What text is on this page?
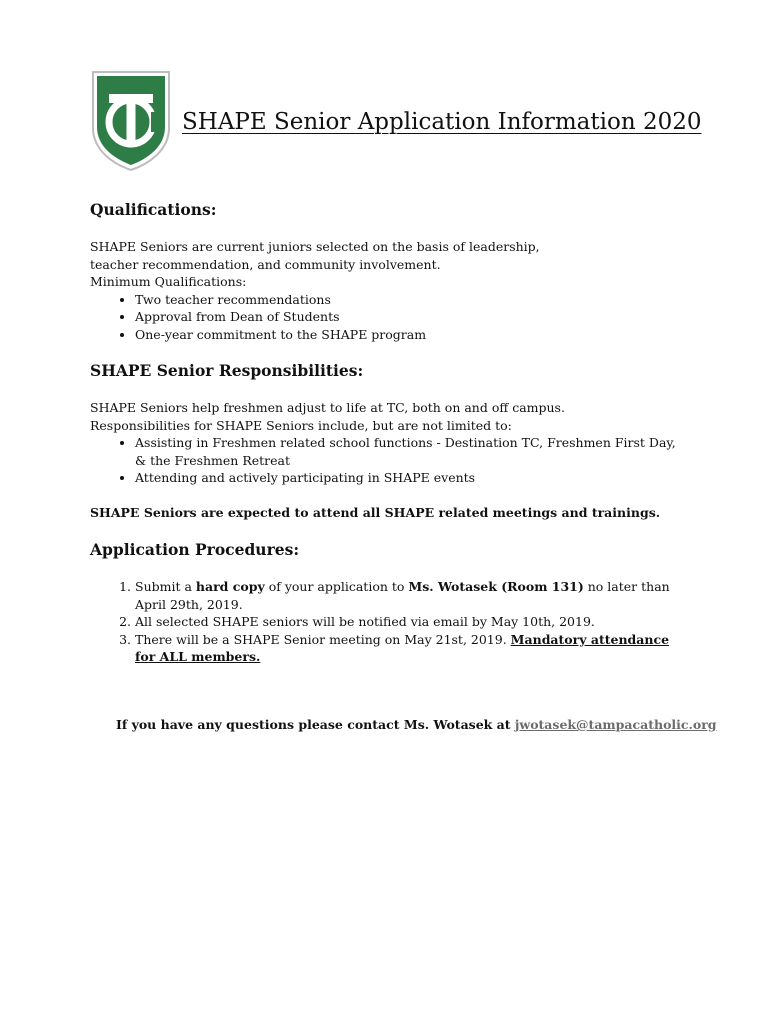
SHAPE Senior Application Information 2020
Qualifications:

SHAPE Seniors are current juniors selected on the basis of leadership, teacher recommendation, and community involvement.

Minimum Qualifications:

• Two teacher recommendations
• Approval from Dean of Students
• One-year commitment to the SHAPE program
SHAPE Senior Responsibilities:

SHAPE Seniors help freshmen adjust to life at TC, both on and off campus.

Responsibilities for SHAPE Seniors include, but are not limited to:

• Assisting in Freshmen related school functions - Destination TC, Freshmen First Day, & the Freshmen Retreat
• Attending and actively participating in SHAPE events

SHAPE Seniors are expected to attend all SHAPE related meetings and trainings.

Application Procedures:
1. Submit a hard copy of your application to Ms. Wotasek (Room 131) no later than April 29th, 2019.
2. All selected SHAPE seniors will be notified via email by May 10th, 2019.
3. There will be a SHAPE Senior meeting on May 21st, 2019. Mandatory attendance for ALL members.
If you have any questions please contact Ms. Wotasek at jwotasek@tampacatholic.org
